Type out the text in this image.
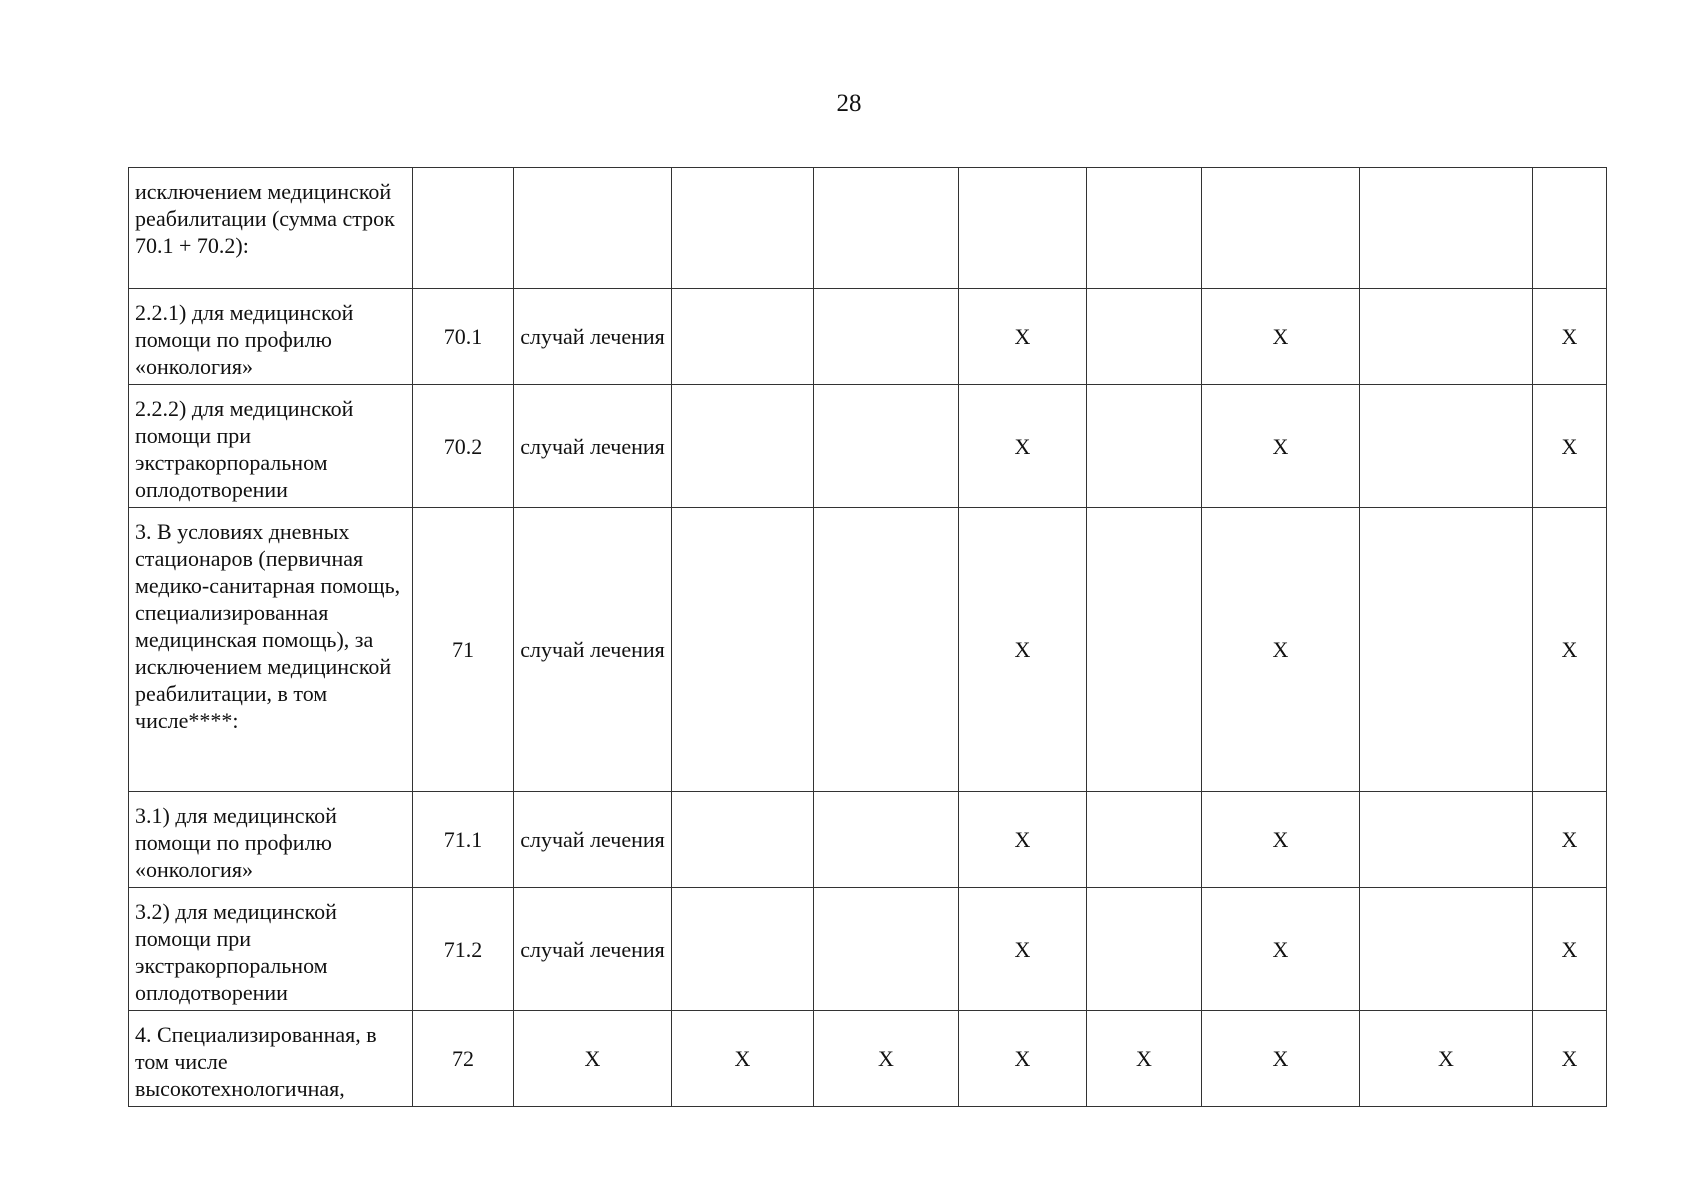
28
исключением медицинской реабилитации (сумма строк 70.1 + 70.2):									
2.2.1) для медицинской помощи по профилю «онкология»	70.1	случай лечения			Х		Х		Х
2.2.2) для медицинской помощи при экстракорпоральном оплодотворении	70.2	случай лечения			Х		Х		Х
3. В условиях дневных стационаров (первичная медико-санитарная помощь, специализированная медицинская помощь), за исключением медицинской реабилитации, в том числе****:	71	случай лечения			Х		Х		Х
3.1) для медицинской помощи по профилю «онкология»	71.1	случай лечения			Х		Х		Х
3.2) для медицинской помощи при экстракорпоральном оплодотворении	71.2	случай лечения			Х		Х		Х
4. Специализированная, в том числе высокотехнологичная,	72	Х	Х	Х	Х	Х	Х	Х	Х
